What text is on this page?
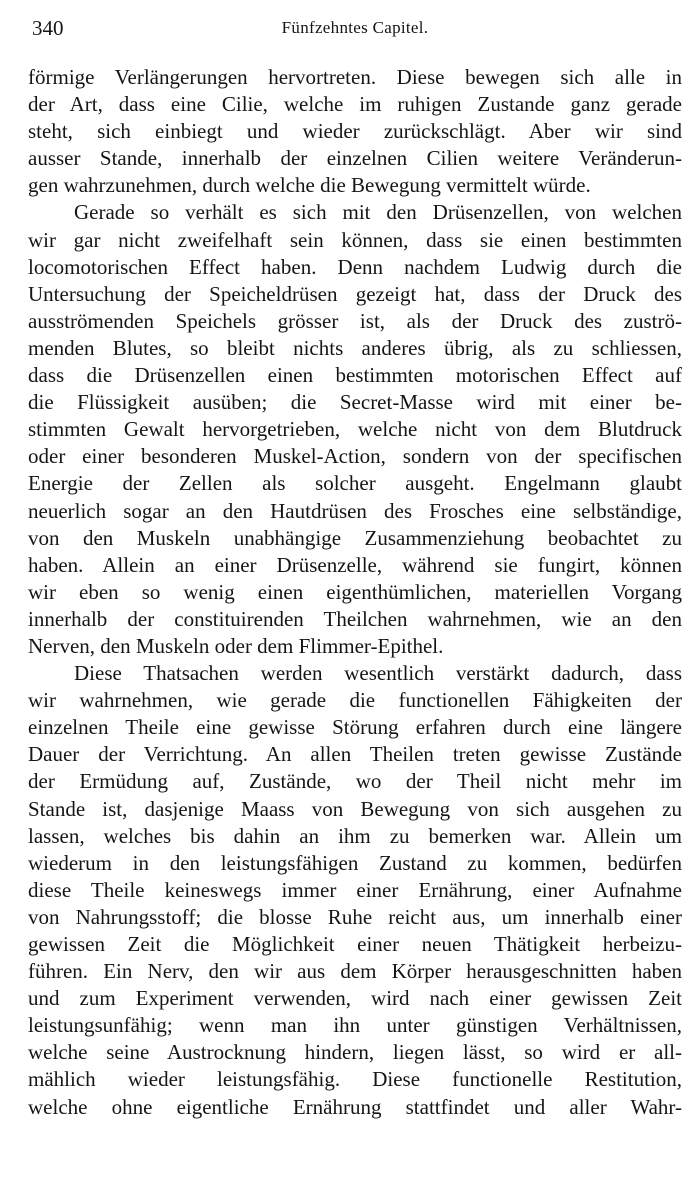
340	Fünfzehntes Capitel.
förmige Verlängerungen hervortreten. Diese bewegen sich alle in
der Art, dass eine Cilie, welche im ruhigen Zustande ganz gerade
steht, sich einbiegt und wieder zurückschlägt. Aber wir sind
ausser Stande, innerhalb der einzelnen Cilien weitere Veränderun-
gen wahrzunehmen, durch welche die Bewegung vermittelt würde.
Gerade so verhält es sich mit den Drüsenzellen, von welchen
wir gar nicht zweifelhaft sein können, dass sie einen bestimmten
locomotorischen Effect haben. Denn nachdem Ludwig durch die
Untersuchung der Speicheldrüsen gezeigt hat, dass der Druck des
ausströmenden Speichels grösser ist, als der Druck des zuströ-
menden Blutes, so bleibt nichts anderes übrig, als zu schliessen,
dass die Drüsenzellen einen bestimmten motorischen Effect auf
die Flüssigkeit ausüben; die Secret-Masse wird mit einer be-
stimmten Gewalt hervorgetrieben, welche nicht von dem Blutdruck
oder einer besonderen Muskel-Action, sondern von der specifischen
Energie der Zellen als solcher ausgeht. Engelmann glaubt
neuerlich sogar an den Hautdrüsen des Frosches eine selbständige,
von den Muskeln unabhängige Zusammenziehung beobachtet zu
haben. Allein an einer Drüsenzelle, während sie fungirt, können
wir eben so wenig einen eigenthümlichen, materiellen Vorgang
innerhalb der constituirenden Theilchen wahrnehmen, wie an den
Nerven, den Muskeln oder dem Flimmer-Epithel.
Diese Thatsachen werden wesentlich verstärkt dadurch, dass
wir wahrnehmen, wie gerade die functionellen Fähigkeiten der
einzelnen Theile eine gewisse Störung erfahren durch eine längere
Dauer der Verrichtung. An allen Theilen treten gewisse Zustände
der Ermüdung auf, Zustände, wo der Theil nicht mehr im
Stande ist, dasjenige Maass von Bewegung von sich ausgehen zu
lassen, welches bis dahin an ihm zu bemerken war. Allein um
wiederum in den leistungsfähigen Zustand zu kommen, bedürfen
diese Theile keineswegs immer einer Ernährung, einer Aufnahme
von Nahrungsstoff; die blosse Ruhe reicht aus, um innerhalb einer
gewissen Zeit die Möglichkeit einer neuen Thätigkeit herbeizu-
führen. Ein Nerv, den wir aus dem Körper herausgeschnitten haben
und zum Experiment verwenden, wird nach einer gewissen Zeit
leistungsunfähig; wenn man ihn unter günstigen Verhältnissen,
welche seine Austrocknung hindern, liegen lässt, so wird er all-
mählich wieder leistungsfähig. Diese functionelle Restitution,
welche ohne eigentliche Ernährung stattfindet und aller Wahr-
